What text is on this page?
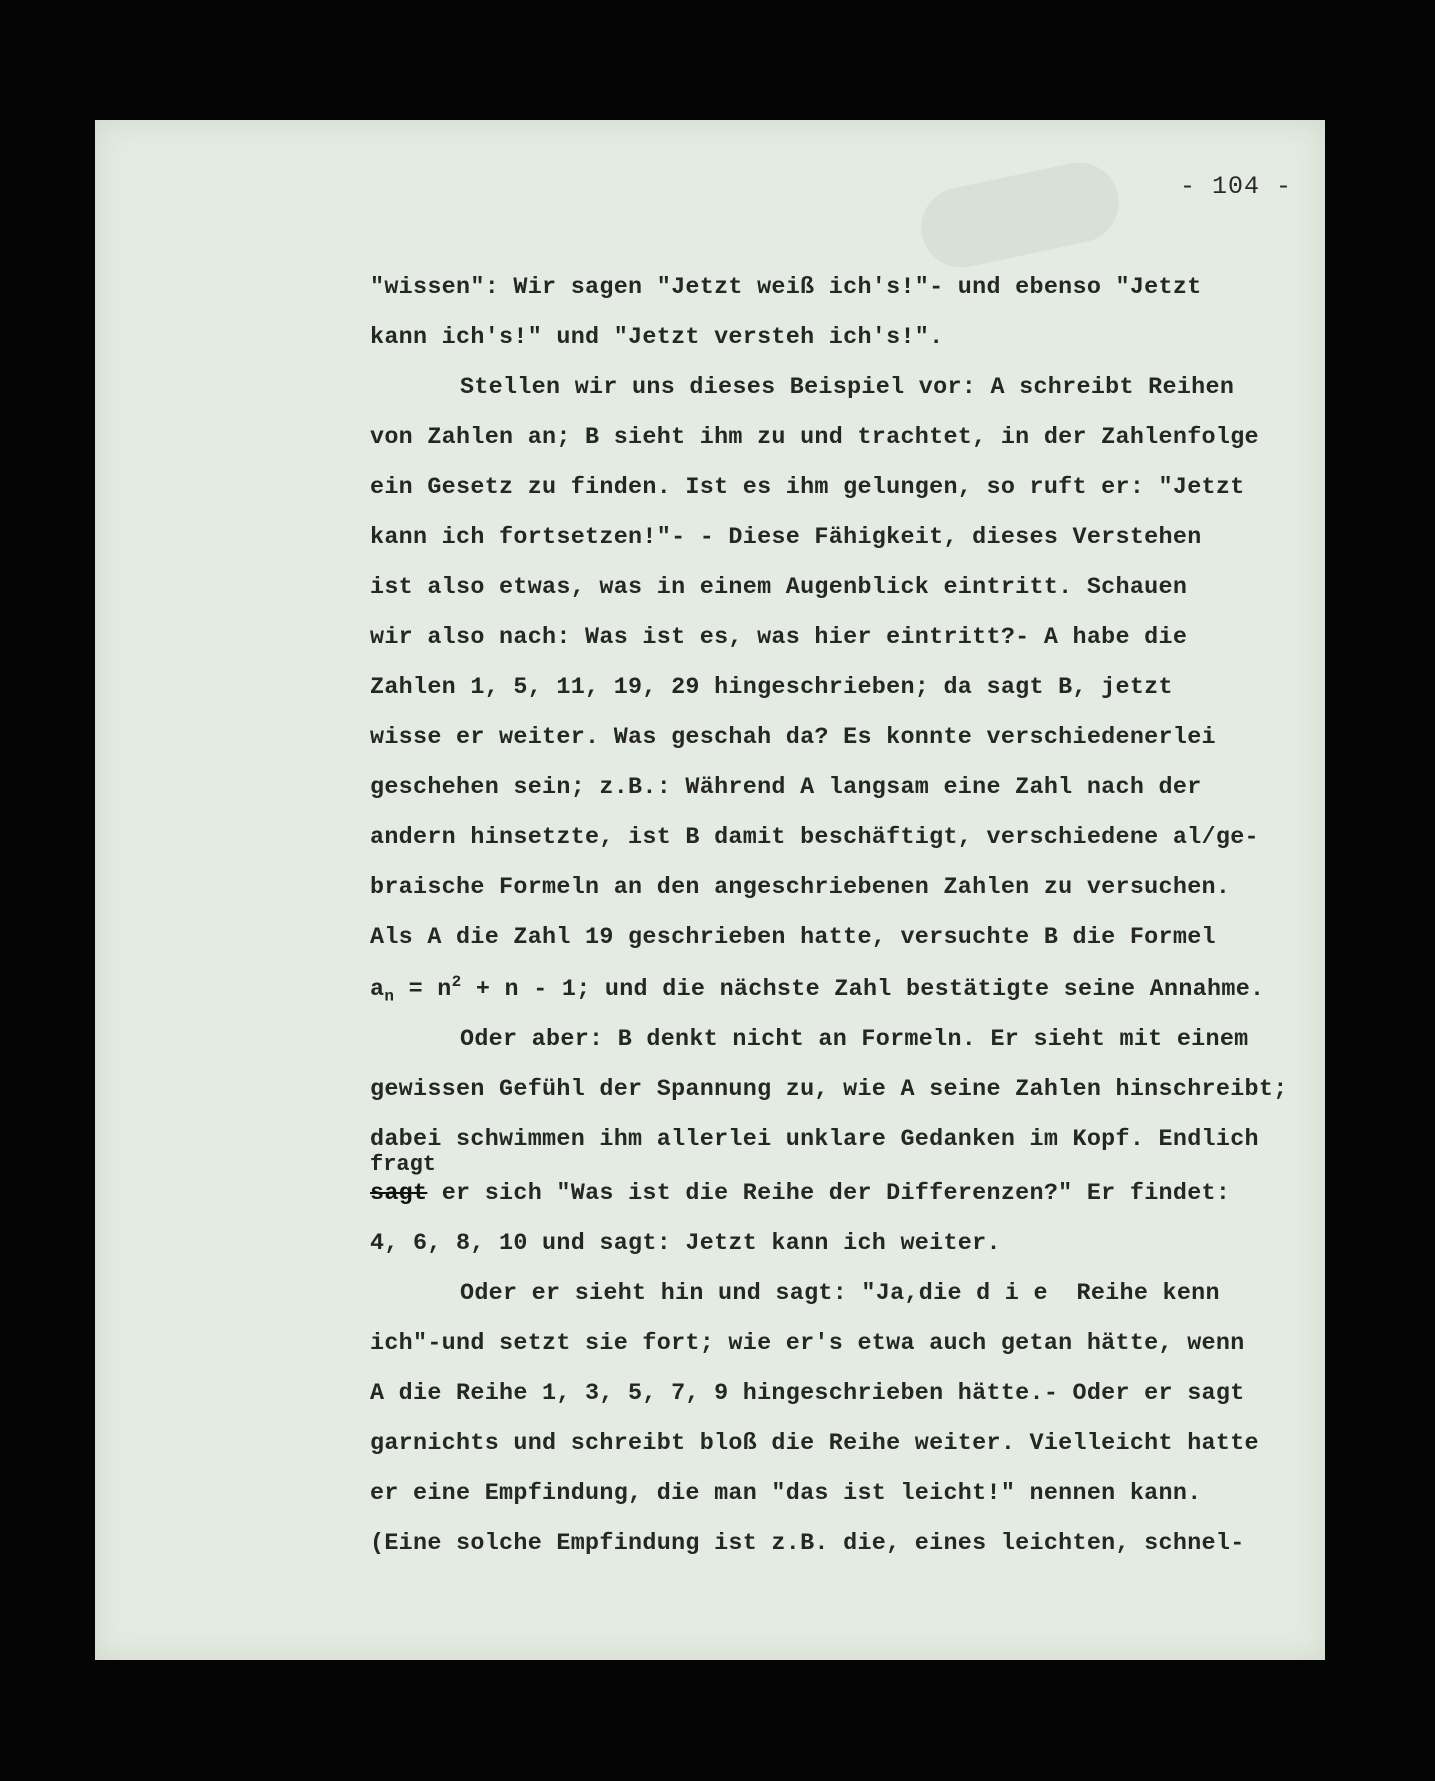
- 104 -
"wissen": Wir sagen "Jetzt weiß ich's!"- und ebenso "Jetzt
kann ich's!" und "Jetzt versteh ich's!".
Stellen wir uns dieses Beispiel vor: A schreibt Reihen
von Zahlen an; B sieht ihm zu und trachtet, in der Zahlenfolge
ein Gesetz zu finden. Ist es ihm gelungen, so ruft er: "Jetzt
kann ich fortsetzen!"- - Diese Fähigkeit, dieses Verstehen
ist also etwas, was in einem Augenblick eintritt. Schauen
wir also nach: Was ist es, was hier eintritt?- A habe die
Zahlen 1, 5, 11, 19, 29 hingeschrieben; da sagt B, jetzt
wisse er weiter. Was geschah da? Es konnte verschiedenerlei
geschehen sein; z.B.: Während A langsam eine Zahl nach der
andern hinsetzte, ist B damit beschäftigt, verschiedene al/ge-
braische Formeln an den angeschriebenen Zahlen zu versuchen.
Als A die Zahl 19 geschrieben hatte, versuchte B die Formel
$a_n = n^2 + n - 1$; und die nächste Zahl bestätigte seine Annahme.
Oder aber: B denkt nicht an Formeln. Er sieht mit einem
gewissen Gefühl der Spannung zu, wie A seine Zahlen hinschreibt;
dabei schwimmen ihm allerlei unklare Gedanken im Kopf. Endlich
fragt
sagt er sich "Was ist die Reihe der Differenzen?" Er findet:
4, 6, 8, 10 und sagt: Jetzt kann ich weiter.
Oder er sieht hin und sagt: "Ja,die d i e  Reihe kenn
ich"-und setzt sie fort; wie er's etwa auch getan hätte, wenn
A die Reihe 1, 3, 5, 7, 9 hingeschrieben hätte.- Oder er sagt
garnichts und schreibt bloß die Reihe weiter. Vielleicht hatte
er eine Empfindung, die man "das ist leicht!" nennen kann.
(Eine solche Empfindung ist z.B. die, eines leichten, schnel-
